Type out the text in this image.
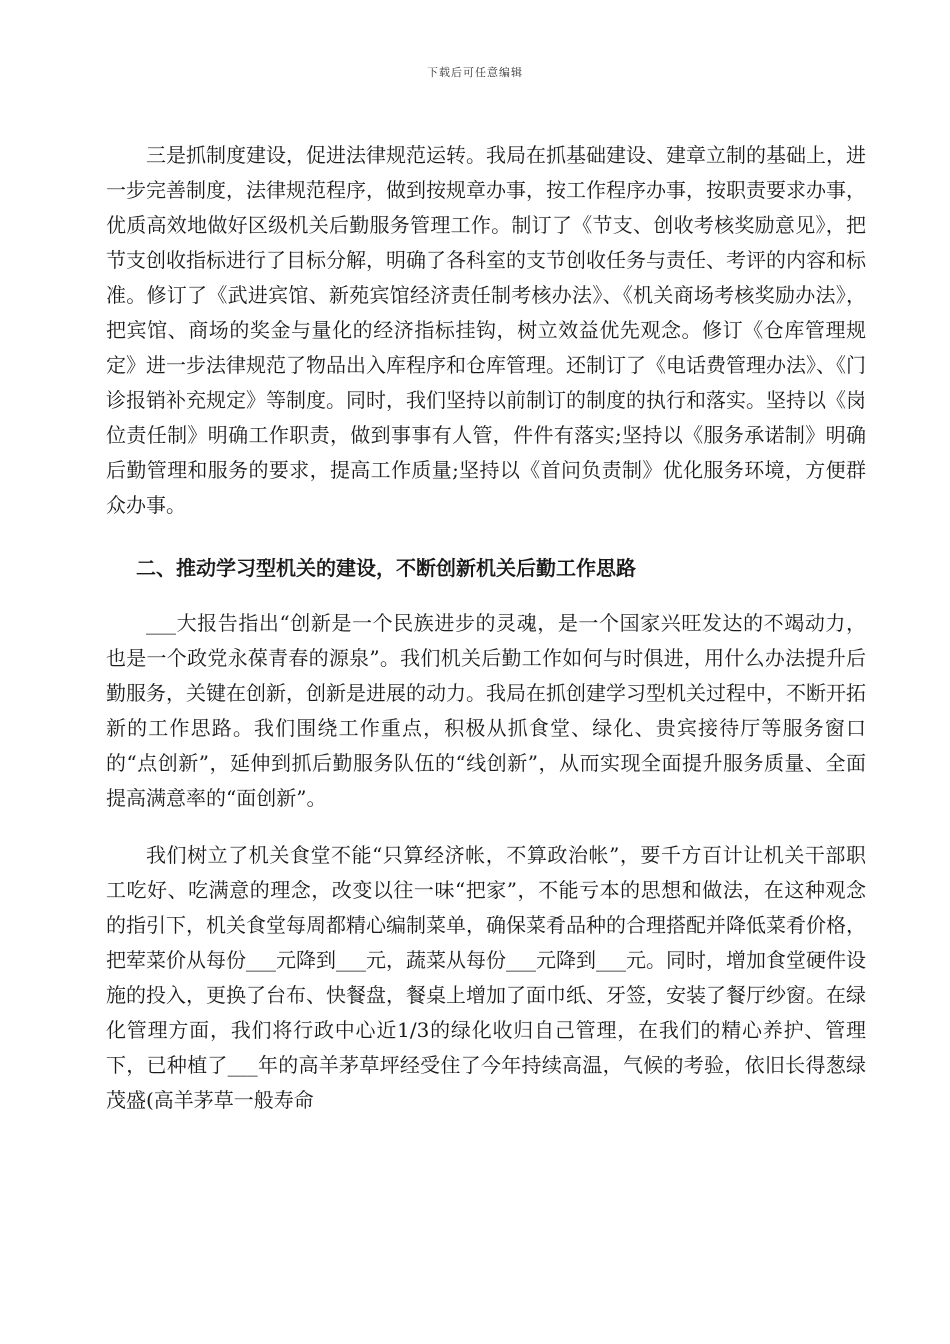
下载后可任意编辑

三是抓制度建设，促进法律规范运转。我局在抓基础建设、建章立制的基础上，进一步完善制度，法律规范程序，做到按规章办事，按工作程序办事，按职责要求办事，优质高效地做好区级机关后勤服务管理工作。制订了《节支、创收考核奖励意见》，把节支创收指标进行了目标分解，明确了各科室的支节创收任务与责任、考评的内容和标准。修订了《武进宾馆、新苑宾馆经济责任制考核办法》、《机关商场考核奖励办法》，把宾馆、商场的奖金与量化的经济指标挂钩，树立效益优先观念。修订《仓库管理规定》进一步法律规范了物品出入库程序和仓库管理。还制订了《电话费管理办法》、《门诊报销补充规定》等制度。同时，我们坚持以前制订的制度的执行和落实。坚持以《岗位责任制》明确工作职责，做到事事有人管，件件有落实;坚持以《服务承诺制》明确后勤管理和服务的要求，提高工作质量;坚持以《首问负责制》优化服务环境，方便群众办事。

二、推动学习型机关的建设，不断创新机关后勤工作思路

___大报告指出“创新是一个民族进步的灵魂，是一个国家兴旺发达的不竭动力，也是一个政党永葆青春的源泉”。我们机关后勤工作如何与时俱进，用什么办法提升后勤服务，关键在创新，创新是进展的动力。我局在抓创建学习型机关过程中，不断开拓新的工作思路。我们围绕工作重点，积极从抓食堂、绿化、贵宾接待厅等服务窗口的“点创新”，延伸到抓后勤服务队伍的“线创新”，从而实现全面提升服务质量、全面提高满意率的“面创新”。

我们树立了机关食堂不能“只算经济帐，不算政治帐”，要千方百计让机关干部职工吃好、吃满意的理念，改变以往一味“把家”，不能亏本的思想和做法，在这种观念的指引下，机关食堂每周都精心编制菜单，确保菜肴品种的合理搭配并降低菜肴价格，把荤菜价从每份___元降到___元，蔬菜从每份___元降到___元。同时，增加食堂硬件设施的投入，更换了台布、快餐盘，餐桌上增加了面巾纸、牙签，安装了餐厅纱窗。在绿化管理方面，我们将行政中心近1/3的绿化收归自己管理，在我们的精心养护、管理下，已种植了___年的高羊茅草坪经受住了今年持续高温，气候的考验，依旧长得葱绿茂盛(高羊茅草一般寿命
